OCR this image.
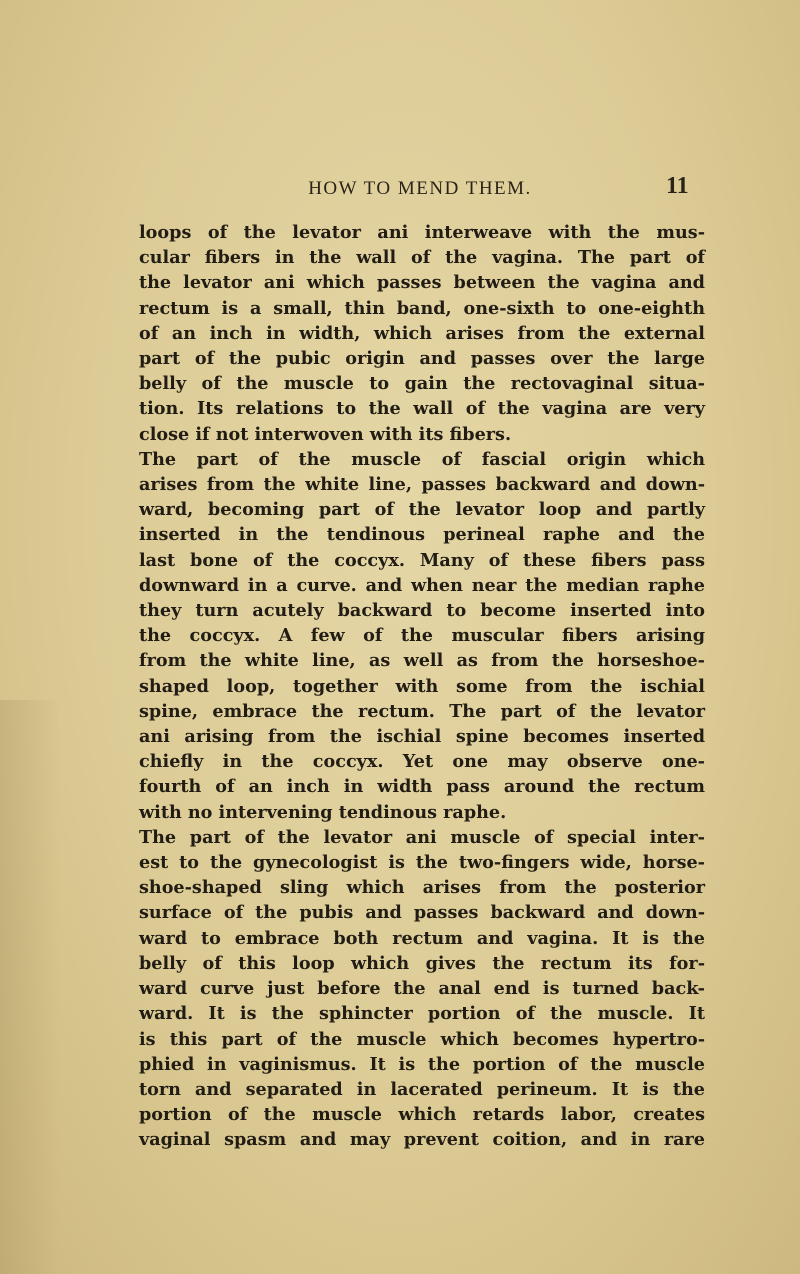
HOW TO MEND THEM.	11

loops of the levator ani interweave with the mus-
cular fibers in the wall of the vagina. The part of
the levator ani which passes between the vagina and
rectum is a small, thin band, one-sixth to one-eighth
of an inch in width, which arises from the external
part of the pubic origin and passes over the large
belly of the muscle to gain the rectovaginal situa-
tion. Its relations to the wall of the vagina are very
close if not interwoven with its fibers.

The part of the muscle of fascial origin which
arises from the white line, passes backward and down-
ward, becoming part of the levator loop and partly
inserted in the tendinous perineal raphe and the
last bone of the coccyx. Many of these fibers pass
downward in a curve. and when near the median raphe
they turn acutely backward to become inserted into
the coccyx. A few of the muscular fibers arising
from the white line, as well as from the horseshoe-
shaped loop, together with some from the ischial
spine, embrace the rectum. The part of the levator
ani arising from the ischial spine becomes inserted
chiefly in the coccyx. Yet one may observe one-
fourth of an inch in width pass around the rectum
with no intervening tendinous raphe.

The part of the levator ani muscle of special inter-
est to the gynecologist is the two-fingers wide, horse-
shoe-shaped sling which arises from the posterior
surface of the pubis and passes backward and down-
ward to embrace both rectum and vagina. It is the
belly of this loop which gives the rectum its for-
ward curve just before the anal end is turned back-
ward. It is the sphincter portion of the muscle. It
is this part of the muscle which becomes hypertro-
phied in vaginismus. It is the portion of the muscle
torn and separated in lacerated perineum. It is the
portion of the muscle which retards labor, creates
vaginal spasm and may prevent coition, and in rare
